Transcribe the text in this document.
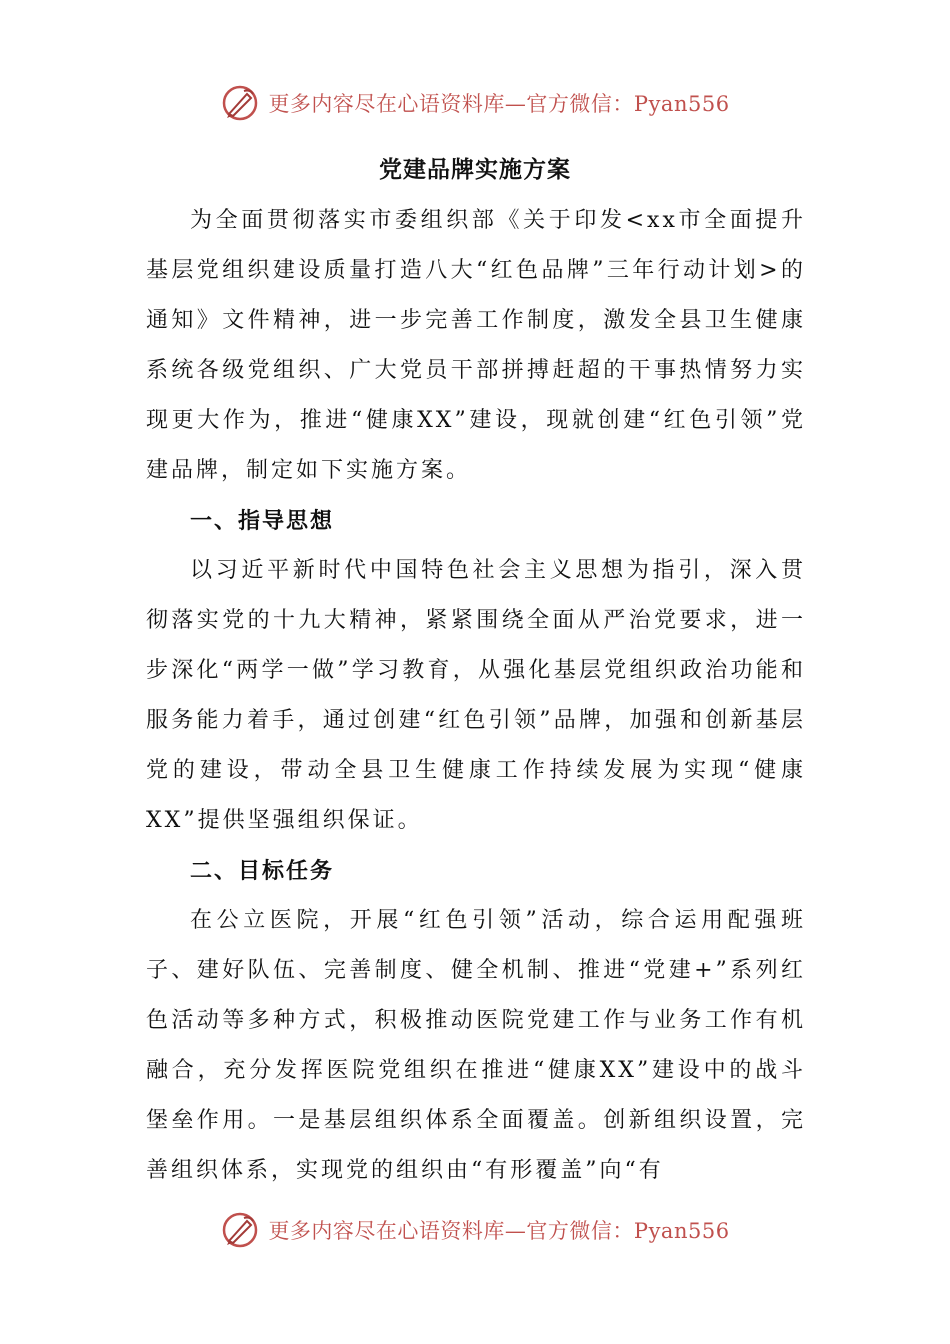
更多内容尽在心语资料库—官方微信：Pyan556
党建品牌实施方案

为全面贯彻落实市委组织部《关于印发<xx市全面提升基层党组织建设质量打造八大“红色品牌”三年行动计划>的通知》文件精神，进一步完善工作制度，激发全县卫生健康系统各级党组织、广大党员干部拼搏赶超的干事热情努力实现更大作为，推进“健康XX”建设，现就创建“红色引领”党建品牌，制定如下实施方案。

一、指导思想

以习近平新时代中国特色社会主义思想为指引，深入贯彻落实党的十九大精神，紧紧围绕全面从严治党要求，进一步深化“两学一做”学习教育，从强化基层党组织政治功能和服务能力着手，通过创建“红色引领”品牌，加强和创新基层党的建设，带动全县卫生健康工作持续发展为实现“健康XX”提供坚强组织保证。

二、目标任务

在公立医院，开展“红色引领”活动，综合运用配强班子、建好队伍、完善制度、健全机制、推进“党建+”系列红色活动等多种方式，积极推动医院党建工作与业务工作有机融合，充分发挥医院党组织在推进“健康XX”建设中的战斗堡垒作用。一是基层组织体系全面覆盖。创新组织设置，完善组织体系，实现党的组织由“有形覆盖”向“有

更多内容尽在心语资料库—官方微信：Pyan556
